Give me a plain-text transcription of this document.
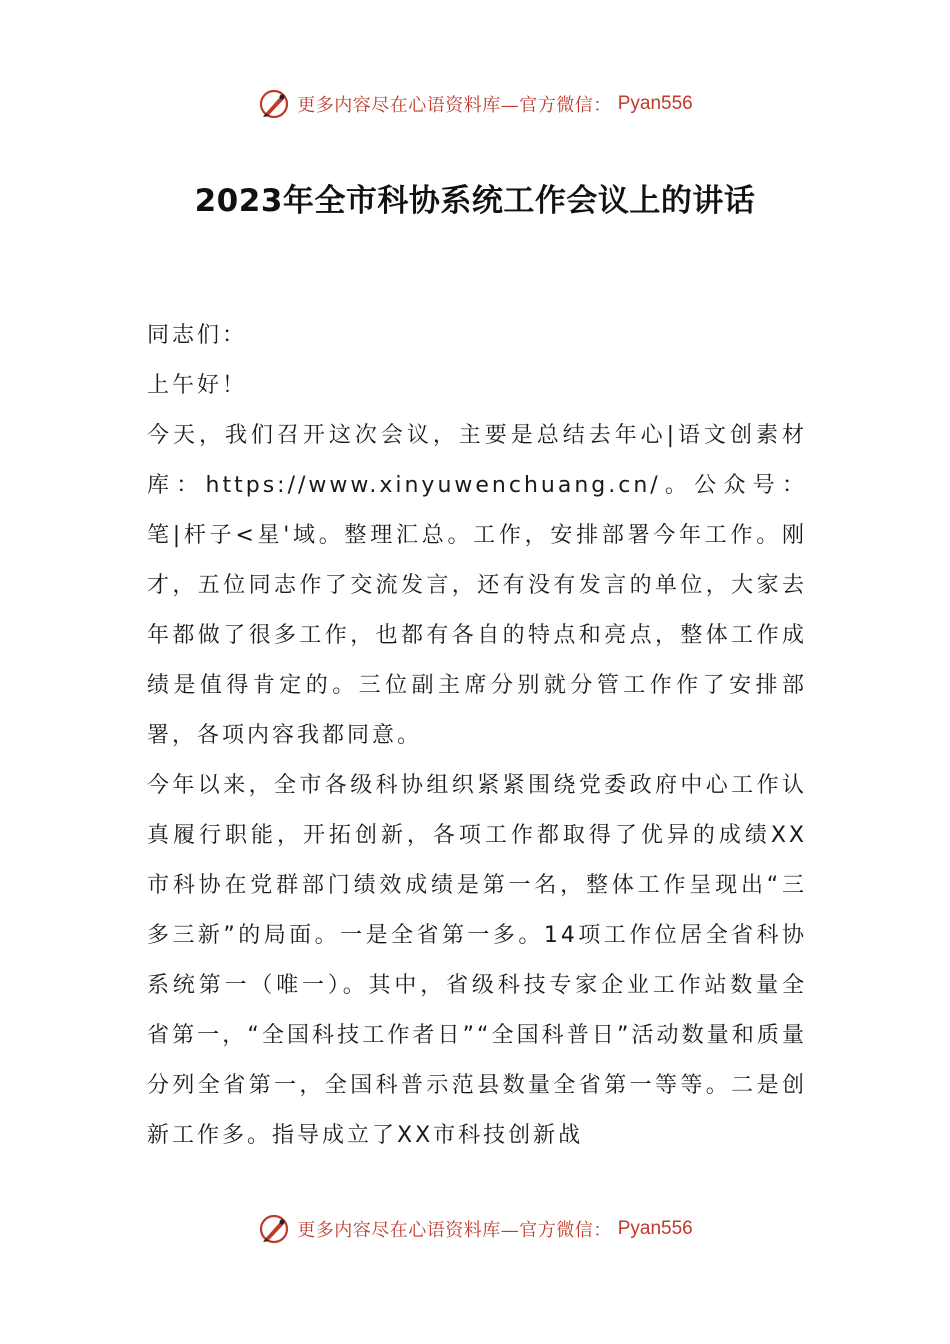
更多内容尽在心语资料库—官方微信： Pyan556
2023年全市科协系统工作会议上的讲话

同志们：

上午好！

今天，我们召开这次会议，主要是总结去年心|语文创素材库：https://www.xinyuwenchuang.cn/。公众号：笔|杆子<星'域。整理汇总。工作，安排部署今年工作。刚才，五位同志作了交流发言，还有没有发言的单位，大家去年都做了很多工作，也都有各自的特点和亮点，整体工作成绩是值得肯定的。三位副主席分别就分管工作作了安排部署，各项内容我都同意。

今年以来，全市各级科协组织紧紧围绕党委政府中心工作认真履行职能，开拓创新，各项工作都取得了优异的成绩XX市科协在党群部门绩效成绩是第一名，整体工作呈现出“三多三新”的局面。一是全省第一多。14项工作位居全省科协系统第一（唯一）。其中，省级科技专家企业工作站数量全省第一，“全国科技工作者日”“全国科普日”活动数量和质量分列全省第一，全国科普示范县数量全省第一等等。二是创新工作多。指导成立了XX市科技创新战

更多内容尽在心语资料库—官方微信： Pyan556
